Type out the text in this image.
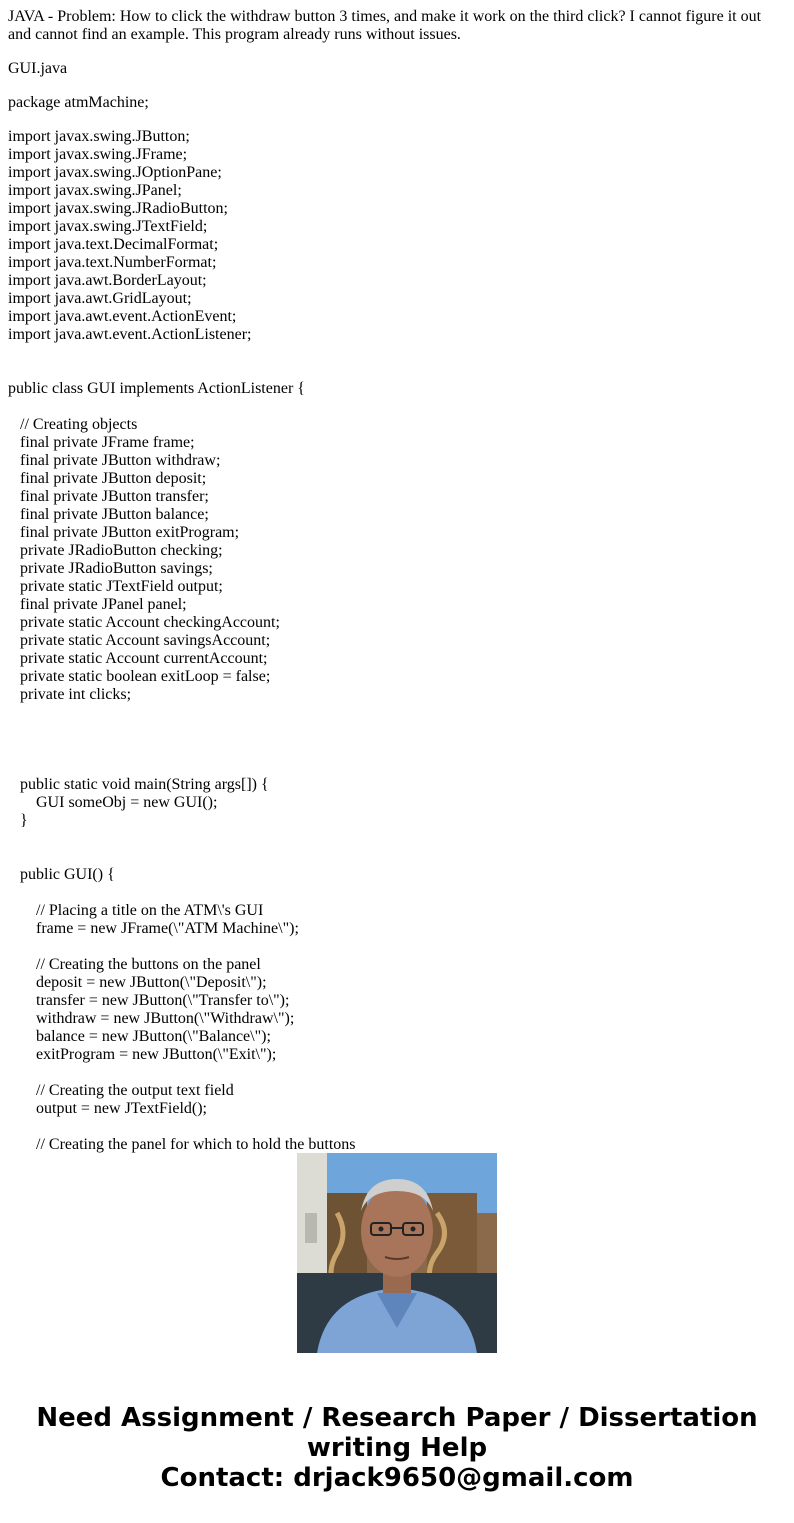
JAVA - Problem: How to click the withdraw button 3 times, and make it work on the third click? I cannot figure it out and cannot find an example. This program already runs without issues.

GUI.java

package atmMachine;

import javax.swing.JButton;
import javax.swing.JFrame;
import javax.swing.JOptionPane;
import javax.swing.JPanel;
import javax.swing.JRadioButton;
import javax.swing.JTextField;
import java.text.DecimalFormat;
import java.text.NumberFormat;
import java.awt.BorderLayout;
import java.awt.GridLayout;
import java.awt.event.ActionEvent;
import java.awt.event.ActionListener;
public class GUI implements ActionListener {
// Creating objects
final private JFrame frame;
final private JButton withdraw;
final private JButton deposit;
final private JButton transfer;
final private JButton balance;
final private JButton exitProgram;
private JRadioButton checking;
private JRadioButton savings;
private static JTextField output;
final private JPanel panel;
private static Account checkingAccount;
private static Account savingsAccount;
private static Account currentAccount;
private static boolean exitLoop = false;
private int clicks;
public static void main(String args[]) {
GUI someObj = new GUI();
}
public GUI() {
// Placing a title on the ATM\'s GUI
frame = new JFrame(\"ATM Machine\");
// Creating the buttons on the panel
deposit = new JButton(\"Deposit\");
transfer = new JButton(\"Transfer to\");
withdraw = new JButton(\"Withdraw\");
balance = new JButton(\"Balance\");
exitProgram = new JButton(\"Exit\");
// Creating the output text field
output = new JTextField();
// Creating the panel for which to hold the buttons
Need Assignment / Research Paper / Dissertation
writing Help
Contact: drjack9650@gmail.com
